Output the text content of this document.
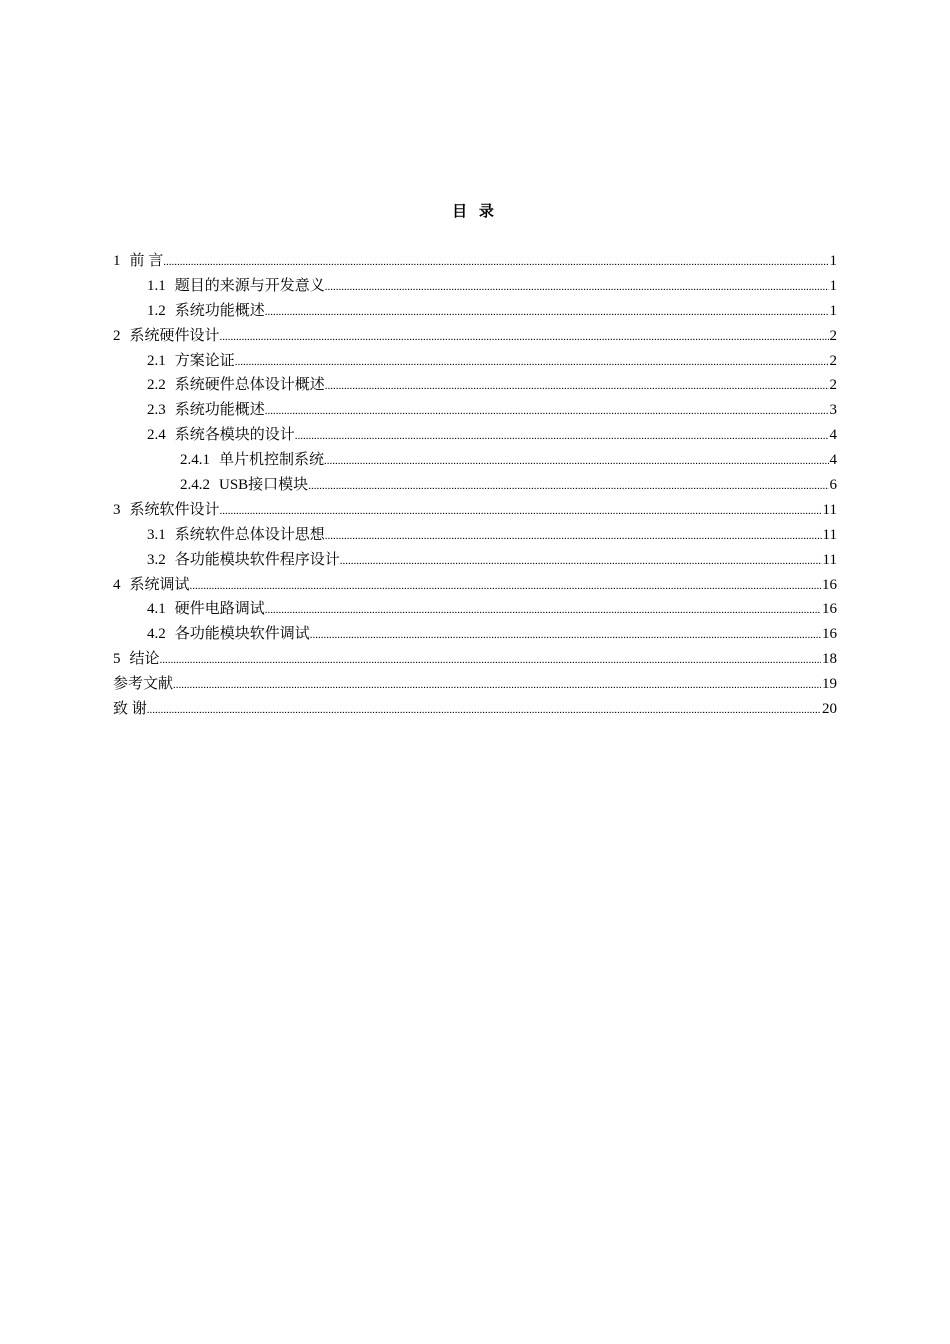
目 录
1 前 言 .....	1
1.1 题目的来源与开发意义 .....	1
1.2 系统功能概述 .....	1
2 系统硬件设计 .....	2
2.1 方案论证 .....	2
2.2 系统硬件总体设计概述 .....	2
2.3 系统功能概述 .....	3
2.4 系统各模块的设计 .....	4
2.4.1 单片机控制系统 .....	4
2.4.2 USB接口模块 .....	6
3 系统软件设计 .....	11
3.1 系统软件总体设计思想 .....	11
3.2 各功能模块软件程序设计 .....	11
4 系统调试 .....	16
4.1 硬件电路调试 .....	16
4.2 各功能模块软件调试 .....	16
5 结论 .....	18
参考文献 .....	19
致 谢 .....	20
